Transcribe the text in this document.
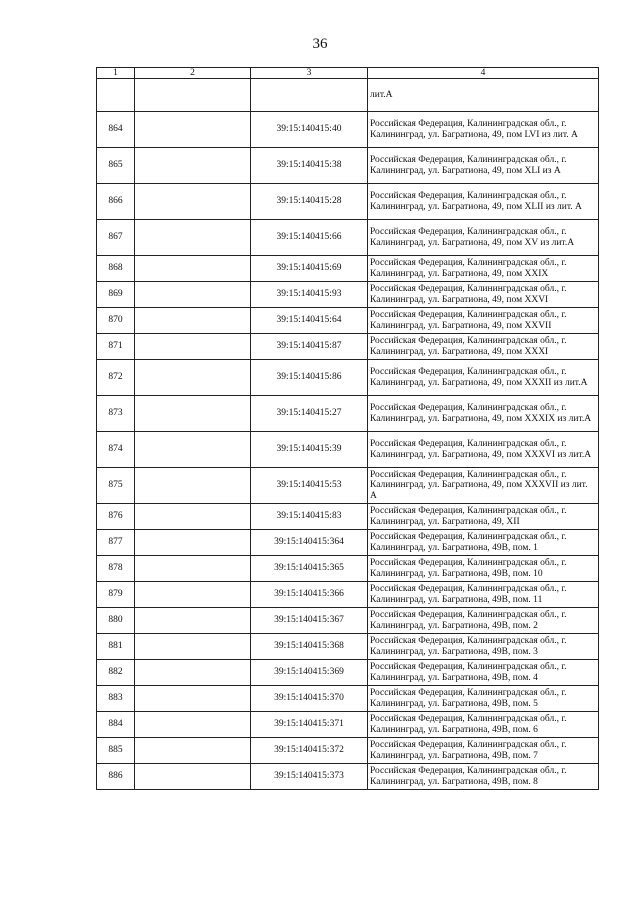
36
1	2	3	4
			лит.А
864		39:15:140415:40	Российская Федерация, Калининградская обл., г. Калининград, ул. Багратиона, 49, пом LVI из лит. А
865		39:15:140415:38	Российская Федерация, Калининградская обл., г. Калининград, ул. Багратиона, 49, пом XLI из А
866		39:15:140415:28	Российская Федерация, Калининградская обл., г. Калининград, ул. Багратиона, 49, пом XLII из лит. А
867		39:15:140415:66	Российская Федерация, Калининградская обл., г. Калининград, ул. Багратиона, 49, пом XV из лит.А
868		39:15:140415:69	Российская Федерация, Калининградская обл., г. Калининград, ул. Багратиона, 49, пом XXIX
869		39:15:140415:93	Российская Федерация, Калининградская обл., г. Калининград, ул. Багратиона, 49, пом XXVI
870		39:15:140415:64	Российская Федерация, Калининградская обл., г. Калининград, ул. Багратиона, 49, пом XXVII
871		39:15:140415:87	Российская Федерация, Калининградская обл., г. Калининград, ул. Багратиона, 49, пом XXXI
872		39:15:140415:86	Российская Федерация, Калининградская обл., г. Калининград, ул. Багратиона, 49, пом XXXII из лит.А
873		39:15:140415:27	Российская Федерация, Калининградская обл., г. Калининград, ул. Багратиона, 49, пом XXXIX из лит.А
874		39:15:140415:39	Российская Федерация, Калининградская обл., г. Калининград, ул. Багратиона, 49, пом XXXVI из лит.А
875		39:15:140415:53	Российская Федерация, Калининградская обл., г. Калининград, ул. Багратиона, 49, пом XXXVII из лит. А
876		39:15:140415:83	Российская Федерация, Калининградская обл., г. Калининград, ул. Багратиона, 49, XII
877		39:15:140415:364	Российская Федерация, Калининградская обл., г. Калининград, ул. Багратиона, 49В, пом. 1
878		39:15:140415:365	Российская Федерация, Калининградская обл., г. Калининград, ул. Багратиона, 49В, пом. 10
879		39:15:140415:366	Российская Федерация, Калининградская обл., г. Калининград, ул. Багратиона, 49В, пом. 11
880		39:15:140415:367	Российская Федерация, Калининградская обл., г. Калининград, ул. Багратиона, 49В, пом. 2
881		39:15:140415:368	Российская Федерация, Калининградская обл., г. Калининград, ул. Багратиона, 49В, пом. 3
882		39:15:140415:369	Российская Федерация, Калининградская обл., г. Калининград, ул. Багратиона, 49В, пом. 4
883		39:15:140415:370	Российская Федерация, Калининградская обл., г. Калининград, ул. Багратиона, 49В, пом. 5
884		39:15:140415:371	Российская Федерация, Калининградская обл., г. Калининград, ул. Багратиона, 49В, пом. 6
885		39:15:140415:372	Российская Федерация, Калининградская обл., г. Калининград, ул. Багратиона, 49В, пом. 7
886		39:15:140415:373	Российская Федерация, Калининградская обл., г. Калининград, ул. Багратиона, 49В, пом. 8
